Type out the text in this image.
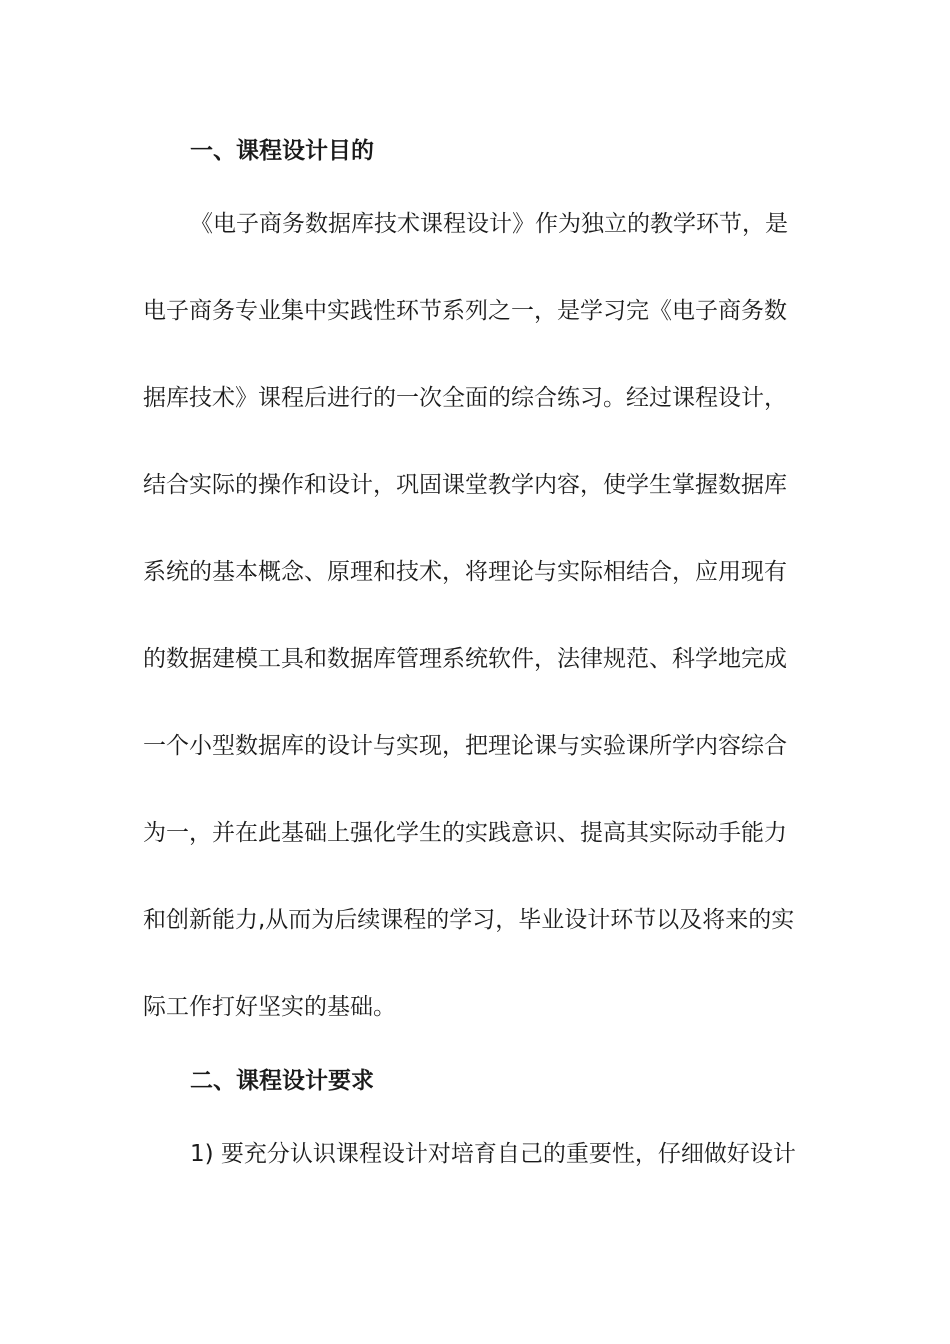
一、课程设计目的
《电子商务数据库技术课程设计》作为独立的教学环节，是
电子商务专业集中实践性环节系列之一，是学习完《电子商务数
据库技术》课程后进行的一次全面的综合练习。经过课程设计，
结合实际的操作和设计，巩固课堂教学内容，使学生掌握数据库
系统的基本概念、原理和技术，将理论与实际相结合，应用现有
的数据建模工具和数据库管理系统软件，法律规范、科学地完成
一个小型数据库的设计与实现，把理论课与实验课所学内容综合
为一，并在此基础上强化学生的实践意识、提高其实际动手能力
和创新能力,从而为后续课程的学习，毕业设计环节以及将来的实
际工作打好坚实的基础。
二、课程设计要求
1) 要充分认识课程设计对培育自己的重要性，仔细做好设计
